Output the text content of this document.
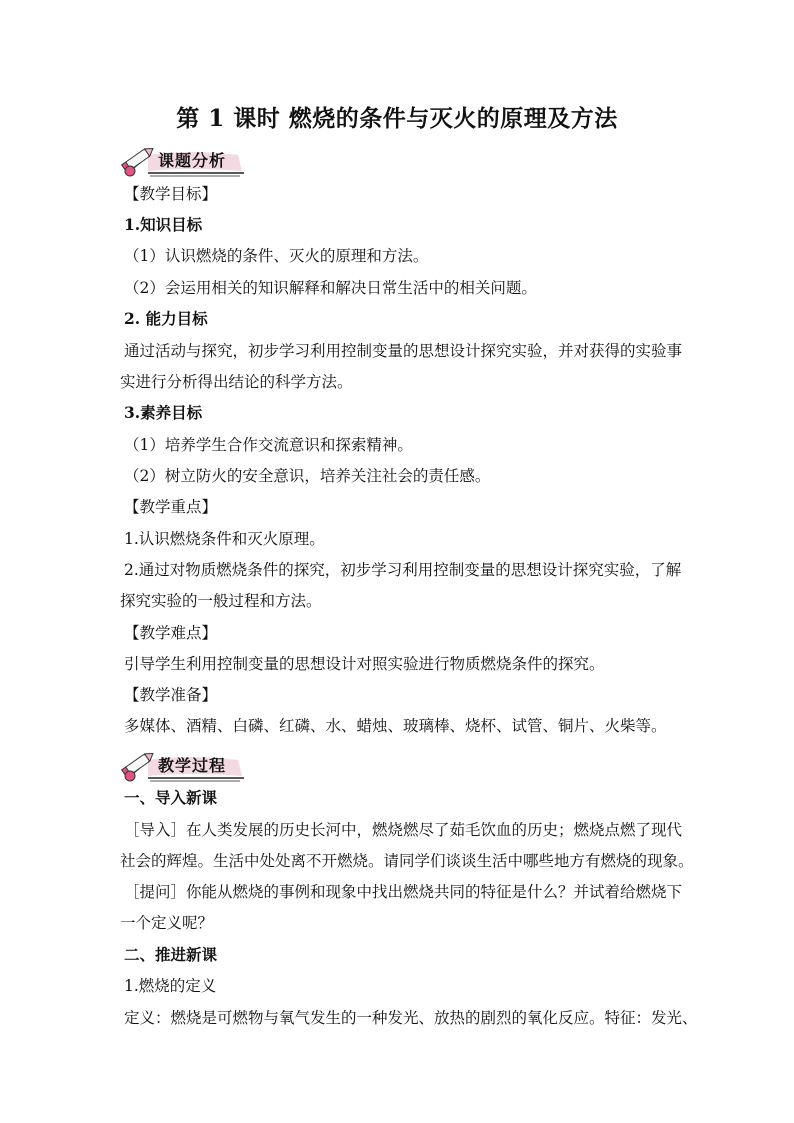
第 1 课时 燃烧的条件与灭火的原理及方法
课题分析
【教学目标】
1.知识目标
（1）认识燃烧的条件、灭火的原理和方法。
（2）会运用相关的知识解释和解决日常生活中的相关问题。
2. 能力目标
通过活动与探究，初步学习利用控制变量的思想设计探究实验，并对获得的实验事
实进行分析得出结论的科学方法。
3.素养目标
（1）培养学生合作交流意识和探索精神。
（2）树立防火的安全意识，培养关注社会的责任感。
【教学重点】
1.认识燃烧条件和灭火原理。
2.通过对物质燃烧条件的探究，初步学习利用控制变量的思想设计探究实验，了解
探究实验的一般过程和方法。
【教学难点】
引导学生利用控制变量的思想设计对照实验进行物质燃烧条件的探究。
【教学准备】
多媒体、酒精、白磷、红磷、水、蜡烛、玻璃棒、烧杯、试管、铜片、火柴等。
教学过程
一、导入新课
［导入］在人类发展的历史长河中，燃烧燃尽了茹毛饮血的历史；燃烧点燃了现代
社会的辉煌。生活中处处离不开燃烧。请同学们谈谈生活中哪些地方有燃烧的现象。
［提问］你能从燃烧的事例和现象中找出燃烧共同的特征是什么？并试着给燃烧下
一个定义呢？
二、推进新课
1.燃烧的定义
定义：燃烧是可燃物与氧气发生的一种发光、放热的剧烈的氧化反应。特征：发光、
